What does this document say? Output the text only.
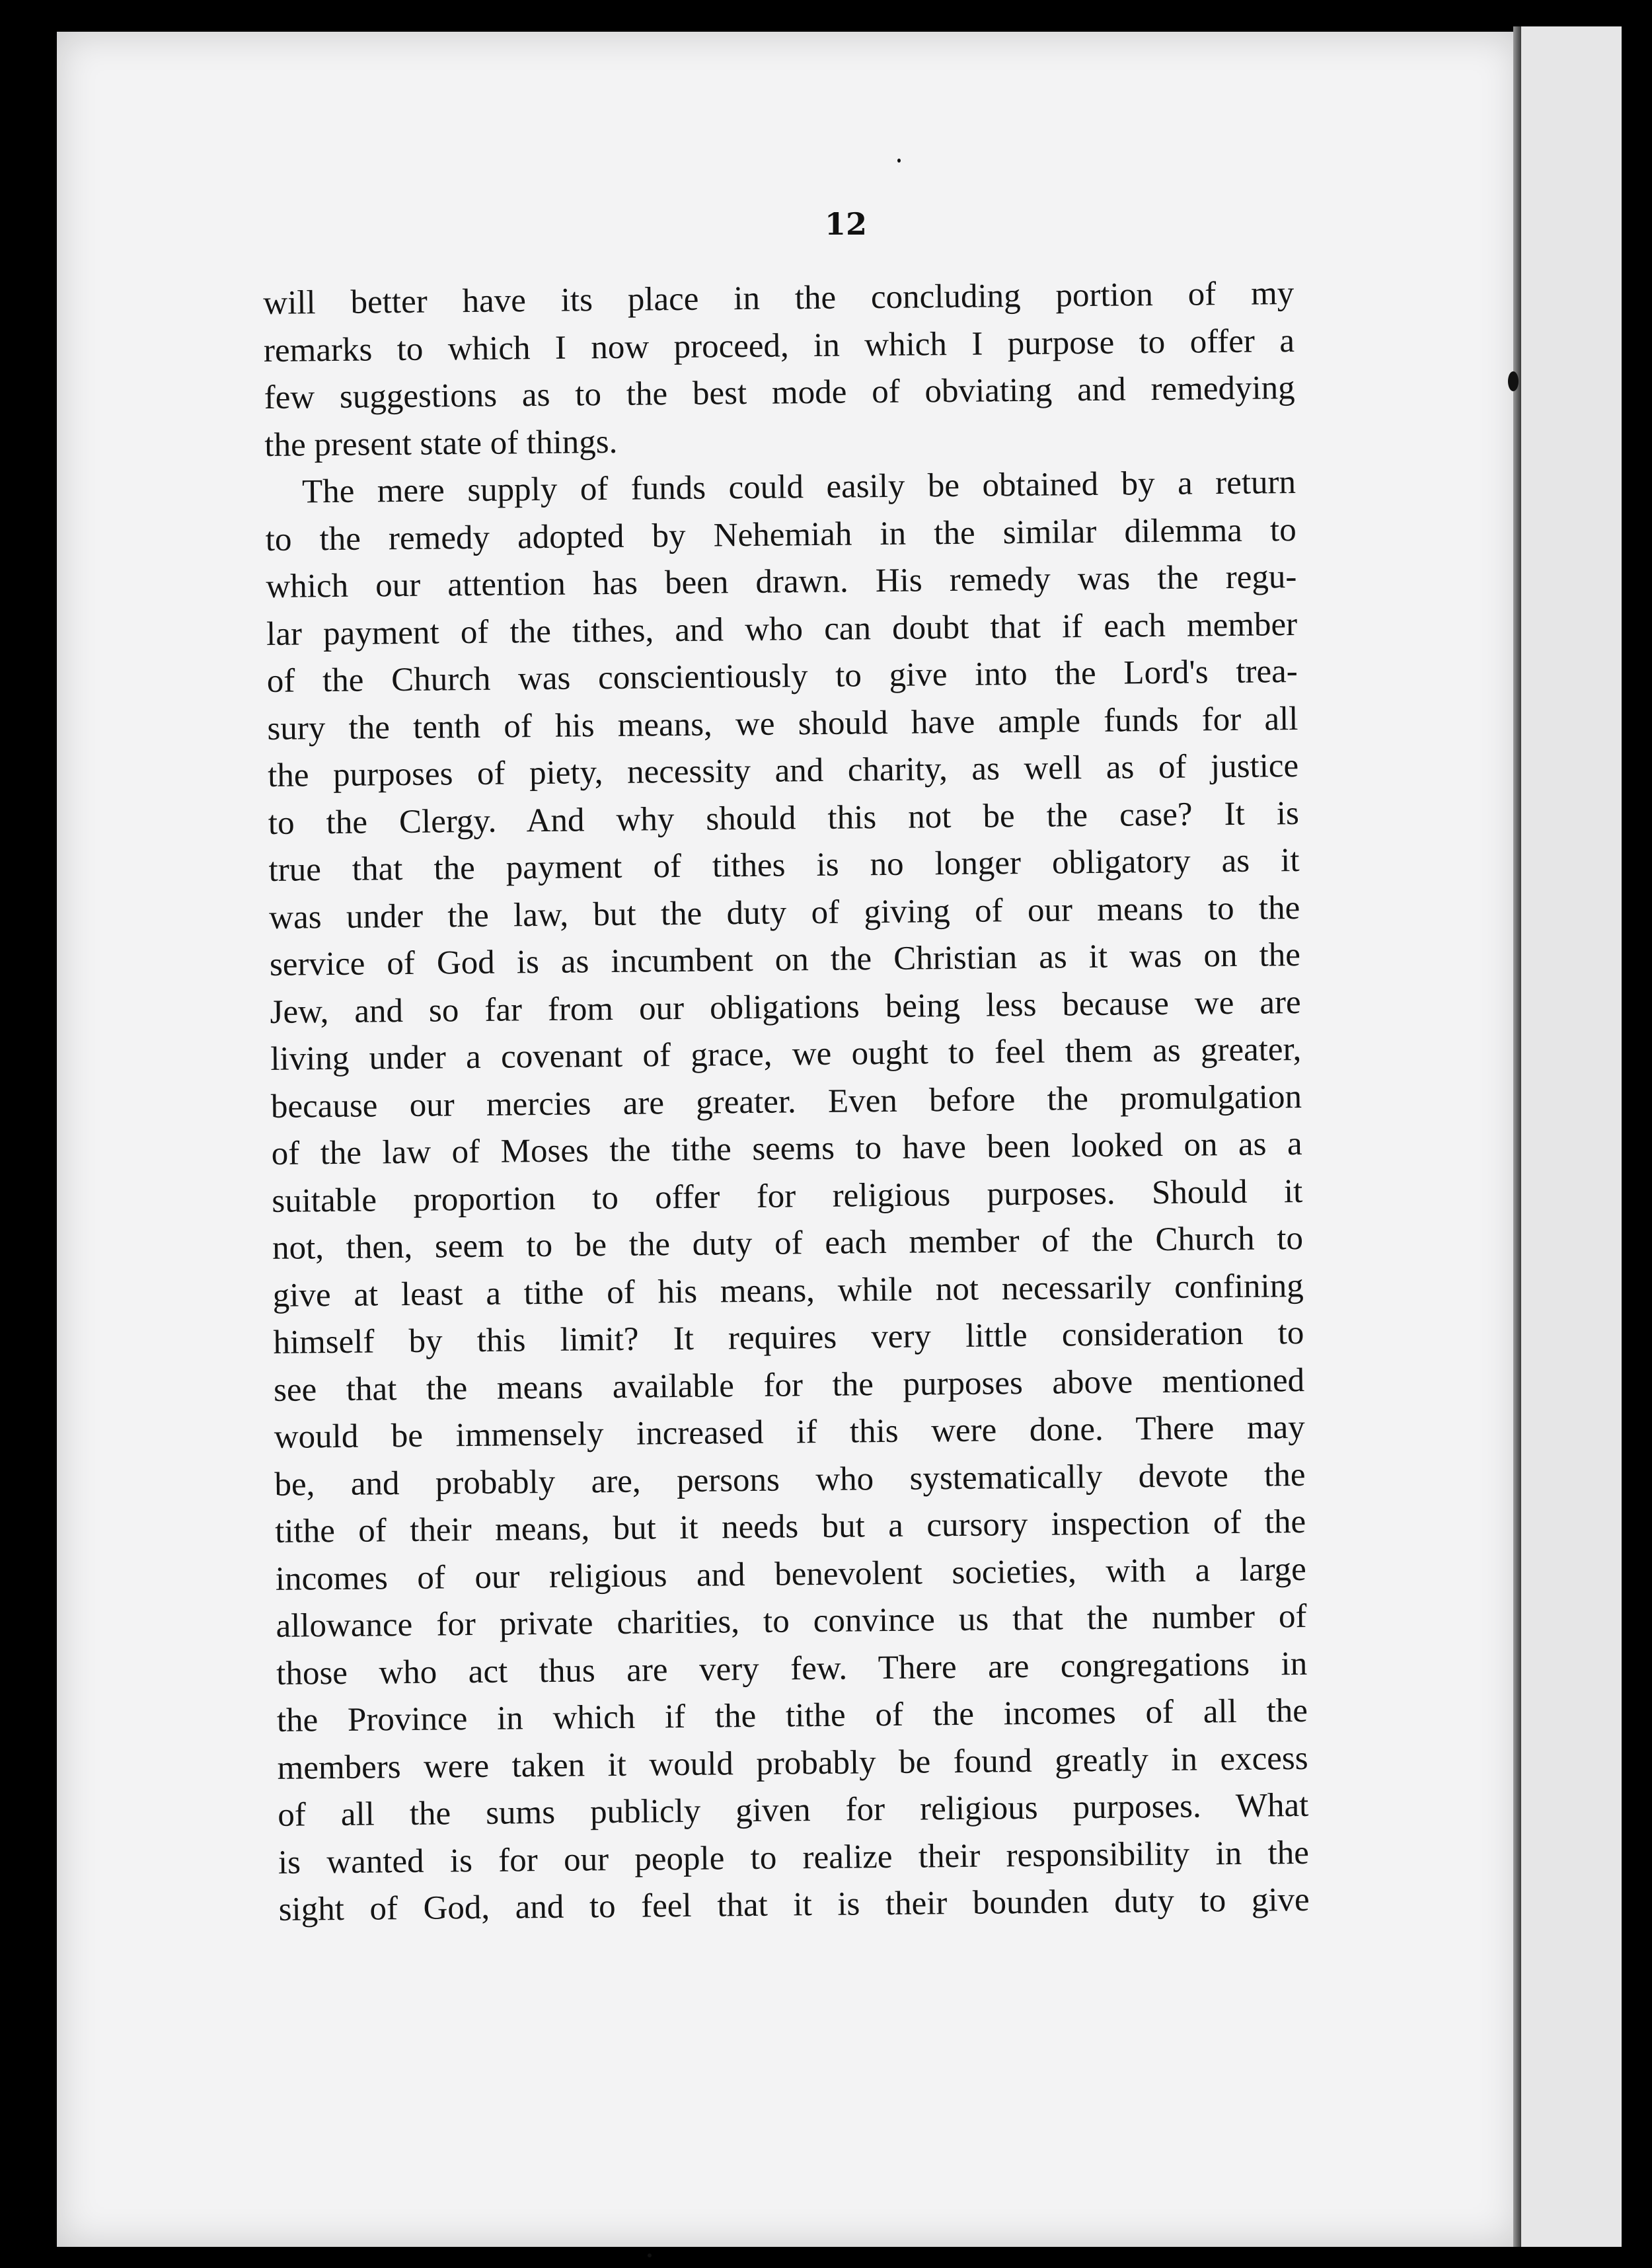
12
will better have its place in the concluding portion of my
remarks to which I now proceed, in which I purpose to offer a
few suggestions as to the best mode of obviating and remedying
the present state of things.
The mere supply of funds could easily be obtained by a return
to the remedy adopted by Nehemiah in the similar dilemma to
which our attention has been drawn. His remedy was the regu-
lar payment of the tithes, and who can doubt that if each member
of the Church was conscientiously to give into the Lord's trea-
sury the tenth of his means, we should have ample funds for all
the purposes of piety, necessity and charity, as well as of justice
to the Clergy. And why should this not be the case? It is
true that the payment of tithes is no longer obligatory as it
was under the law, but the duty of giving of our means to the
service of God is as incumbent on the Christian as it was on the
Jew, and so far from our obligations being less because we are
living under a covenant of grace, we ought to feel them as greater,
because our mercies are greater. Even before the promulgation
of the law of Moses the tithe seems to have been looked on as a
suitable proportion to offer for religious purposes. Should it
not, then, seem to be the duty of each member of the Church to
give at least a tithe of his means, while not necessarily confining
himself by this limit? It requires very little consideration to
see that the means available for the purposes above mentioned
would be immensely increased if this were done. There may
be, and probably are, persons who systematically devote the
tithe of their means, but it needs but a cursory inspection of the
incomes of our religious and benevolent societies, with a large
allowance for private charities, to convince us that the number of
those who act thus are very few. There are congregations in
the Province in which if the tithe of the incomes of all the
members were taken it would probably be found greatly in excess
of all the sums publicly given for religious purposes. What
is wanted is for our people to realize their responsibility in the
sight of God, and to feel that it is their bounden duty to give
